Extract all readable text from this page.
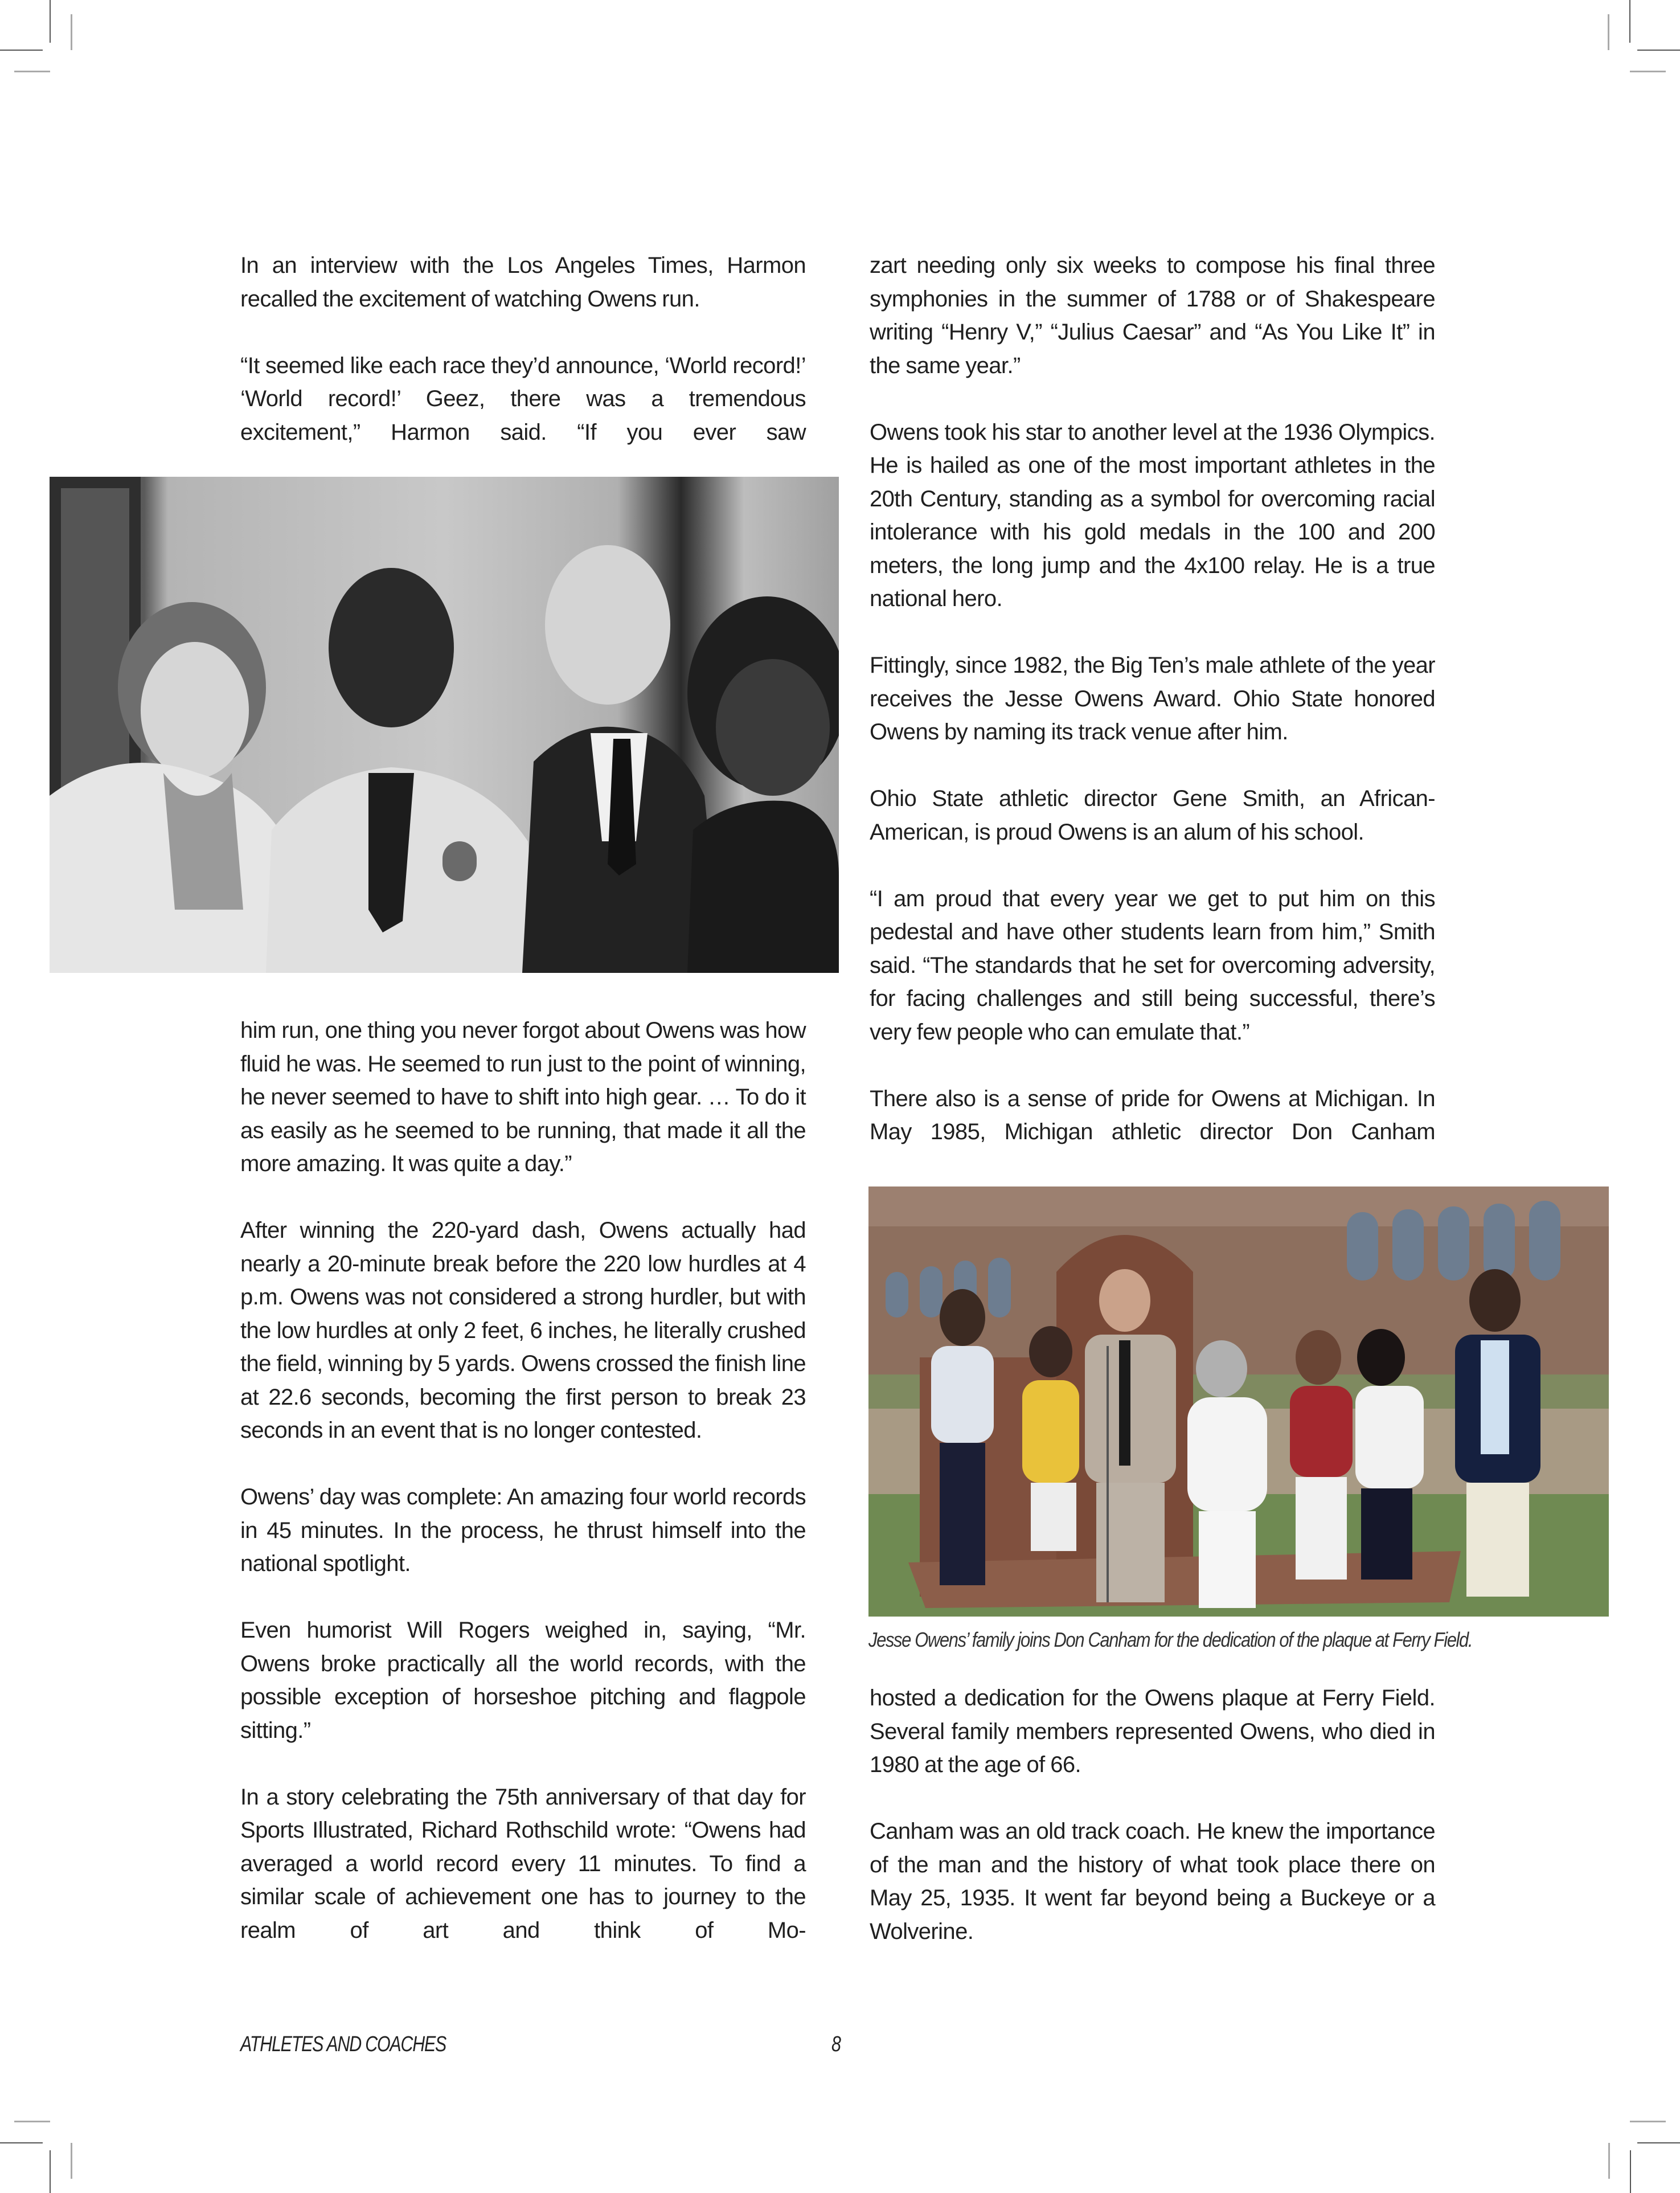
In an interview with the Los Angeles Times, Harmon recalled the excitement of watching Owens run.

“It seemed like each race they’d announce, ‘World record!’ ‘World record!’ Geez, there was a tremendous excitement,” Harmon said. “If you ever saw

him run, one thing you never forgot about Owens was how fluid he was. He seemed to run just to the point of winning, he never seemed to have to shift into high gear. … To do it as easily as he seemed to be running, that made it all the more amazing. It was quite a day.”

After winning the 220-yard dash, Owens actually had nearly a 20-minute break before the 220 low hurdles at 4 p.m. Owens was not considered a strong hurdler, but with the low hurdles at only 2 feet, 6 inches, he literally crushed the field, winning by 5 yards. Owens crossed the finish line at 22.6 seconds, becoming the first person to break 23 seconds in an event that is no longer contested.

Owens’ day was complete: An amazing four world records in 45 minutes. In the process, he thrust himself into the national spotlight.

Even humorist Will Rogers weighed in, saying, “Mr. Owens broke practically all the world records, with the possible exception of horseshoe pitching and flagpole sitting.”

In a story celebrating the 75th anniversary of that day for Sports Illustrated, Richard Rothschild wrote: “Owens had averaged a world record every 11 minutes. To find a similar scale of achievement one has to journey to the realm of art and think of Mo-

zart needing only six weeks to compose his final three symphonies in the summer of 1788 or of Shakespeare writing “Henry V,” “Julius Caesar” and “As You Like It” in the same year.”

Owens took his star to another level at the 1936 Olympics. He is hailed as one of the most important athletes in the 20th Century, standing as a symbol for overcoming racial intolerance with his gold medals in the 100 and 200 meters, the long jump and the 4x100 relay. He is a true national hero.

Fittingly, since 1982, the Big Ten’s male athlete of the year receives the Jesse Owens Award. Ohio State honored Owens by naming its track venue after him.

Ohio State athletic director Gene Smith, an African-American, is proud Owens is an alum of his school.

“I am proud that every year we get to put him on this pedestal and have other students learn from him,” Smith said. “The standards that he set for overcoming adversity, for facing challenges and still being successful, there’s very few people who can emulate that.”

There also is a sense of pride for Owens at Michigan. In May 1985, Michigan athletic director Don Canham

Jesse Owens’ family joins Don Canham for the dedication of the plaque at Ferry Field.

hosted a dedication for the Owens plaque at Ferry Field. Several family members represented Owens, who died in 1980 at the age of 66.

Canham was an old track coach. He knew the importance of the man and the history of what took place there on May 25, 1935. It went far beyond being a Buckeye or a Wolverine.

ATHLETES AND COACHES	8
